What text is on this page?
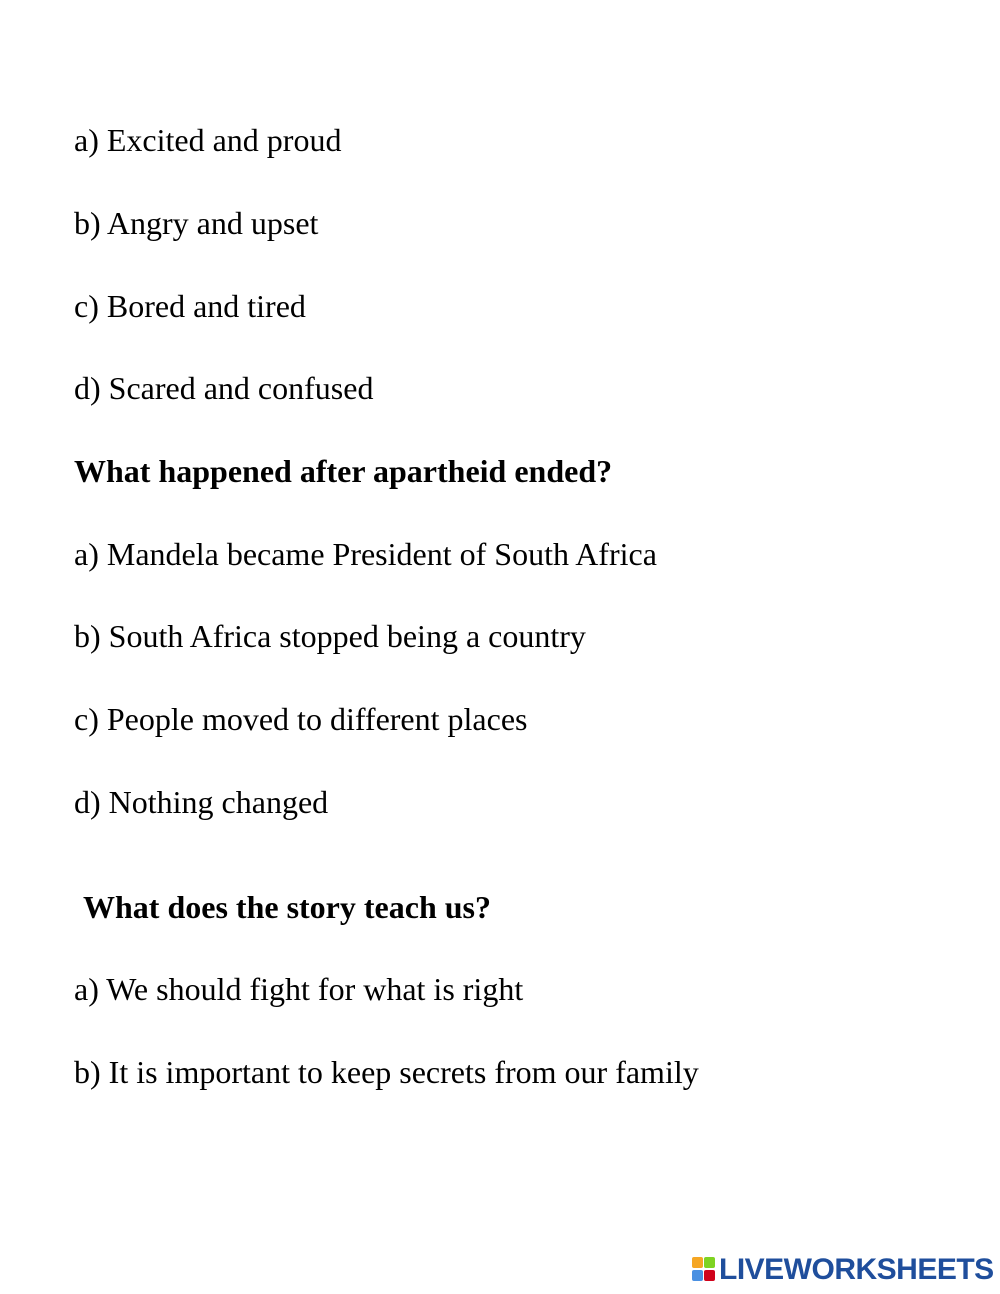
a) Excited and proud
b) Angry and upset
c) Bored and tired
d) Scared and confused
What happened after apartheid ended?
a) Mandela became President of South Africa
b) South Africa stopped being a country
c) People moved to different places
d) Nothing changed
What does the story teach us?
a) We should fight for what is right
b) It is important to keep secrets from our family
LIVEWORKSHEETS
